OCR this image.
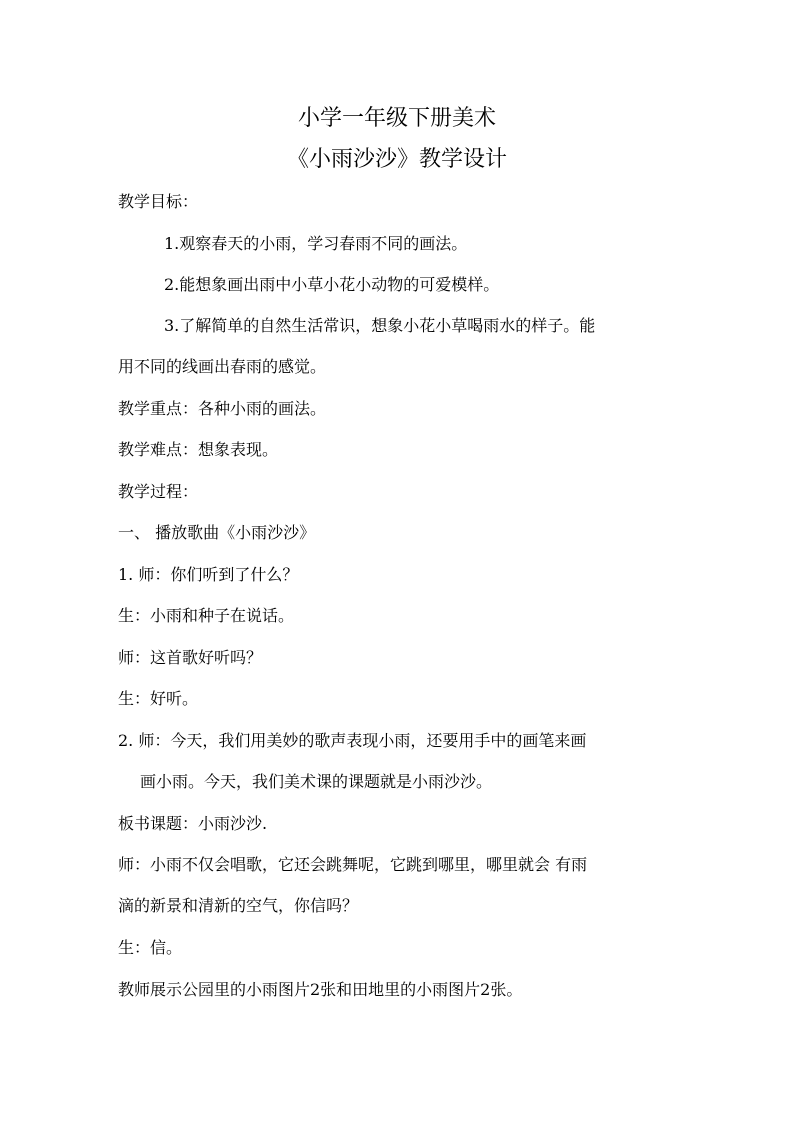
小学一年级下册美术
《小雨沙沙》教学设计
教学目标：
1.观察春天的小雨，学习春雨不同的画法。
2.能想象画出雨中小草小花小动物的可爱模样。
3.了解简单的自然生活常识，想象小花小草喝雨水的样子。能
用不同的线画出春雨的感觉。
教学重点：各种小雨的画法。
教学难点：想象表现。
教学过程：
一、 播放歌曲《小雨沙沙》
1. 师：你们听到了什么？
生：小雨和种子在说话。
师：这首歌好听吗？
生：好听。
2. 师：今天，我们用美妙的歌声表现小雨，还要用手中的画笔来画
画小雨。今天，我们美术课的课题就是小雨沙沙。
板书课题：小雨沙沙.
师：小雨不仅会唱歌，它还会跳舞呢，它跳到哪里，哪里就会 有雨
滴的新景和清新的空气，你信吗？
生：信。
教师展示公园里的小雨图片2张和田地里的小雨图片2张。
